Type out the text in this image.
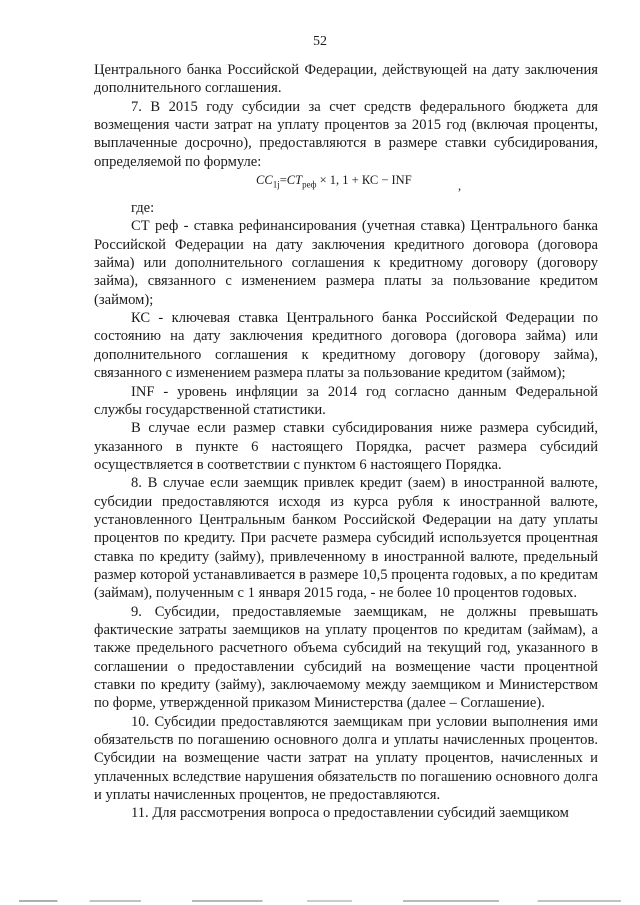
52

Центрального банка Российской Федерации, действующей на дату заключения дополнительного соглашения.

7. В 2015 году субсидии за счет средств федерального бюджета для возмещения части затрат на уплату процентов за 2015 год (включая проценты, выплаченные досрочно), предоставляются в размере ставки субсидирования, определяемой по формуле:

$СС_{1j}=СТ_{реф} \times 1$, 1 + КС − INF	,

где:

СТ реф - ставка рефинансирования (учетная ставка) Центрального банка Российской Федерации на дату заключения кредитного договора (договора займа) или дополнительного соглашения к кредитному договору (договору займа), связанного с изменением размера платы за пользование кредитом (займом);

КС - ключевая ставка Центрального банка Российской Федерации по состоянию на дату заключения кредитного договора (договора займа) или дополнительного соглашения к кредитному договору (договору займа), связанного с изменением размера платы за пользование кредитом (займом);

INF - уровень инфляции за 2014 год согласно данным Федеральной службы государственной статистики.

В случае если размер ставки субсидирования ниже размера субсидий, указанного в пункте 6 настоящего Порядка, расчет размера субсидий осуществляется в соответствии с пунктом 6 настоящего Порядка.

8. В случае если заемщик привлек кредит (заем) в иностранной валюте, субсидии предоставляются исходя из курса рубля к иностранной валюте, установленного Центральным банком Российской Федерации на дату уплаты процентов по кредиту. При расчете размера субсидий используется процентная ставка по кредиту (займу), привлеченному в иностранной валюте, предельный размер которой устанавливается в размере 10,5 процента годовых, а по кредитам (займам), полученным с 1 января 2015 года, - не более 10 процентов годовых.

9. Субсидии, предоставляемые заемщикам, не должны превышать фактические затраты заемщиков на уплату процентов по кредитам (займам), а также предельного расчетного объема субсидий на текущий год, указанного в соглашении о предоставлении субсидий на возмещение части процентной ставки по кредиту (займу), заключаемому между заемщиком и Министерством по форме, утвержденной приказом Министерства (далее – Соглашение).

10. Субсидии предоставляются заемщикам при условии выполнения ими обязательств по погашению основного долга и уплаты начисленных процентов. Субсидии на возмещение части затрат на уплату процентов, начисленных и уплаченных вследствие нарушения обязательств по погашению основного долга и уплаты начисленных процентов, не предоставляются.

11. Для рассмотрения вопроса о предоставлении субсидий заемщиком
